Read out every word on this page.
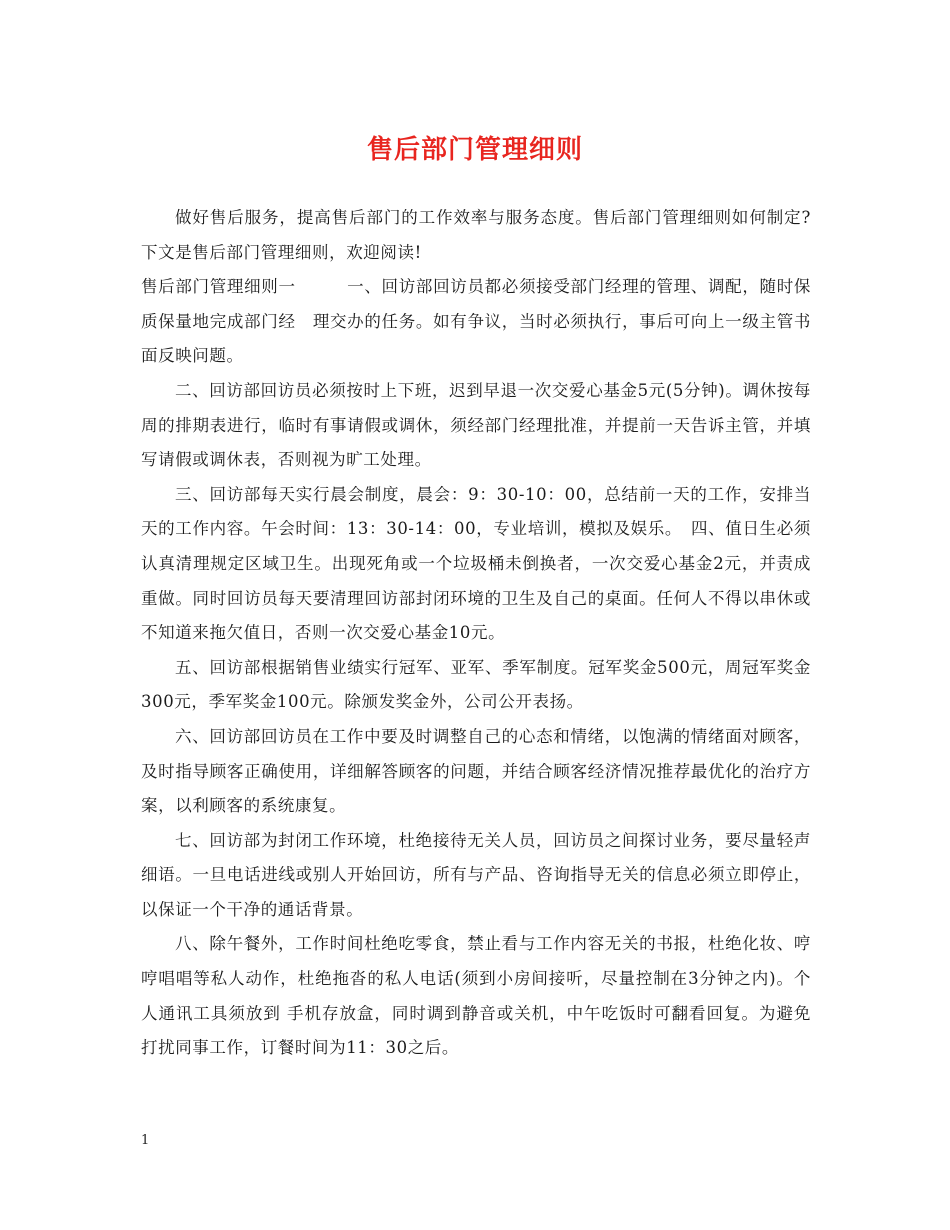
售后部门管理细则

做好售后服务，提高售后部门的工作效率与服务态度。售后部门管理细则如何制定?下文是售后部门管理细则，欢迎阅读!

售后部门管理细则一　　　一、回访部回访员都必须接受部门经理的管理、调配，随时保质保量地完成部门经　理交办的任务。如有争议，当时必须执行，事后可向上一级主管书面反映问题。

二、回访部回访员必须按时上下班，迟到早退一次交爱心基金5元(5分钟)。调休按每周的排期表进行，临时有事请假或调休，须经部门经理批准，并提前一天告诉主管，并填写请假或调休表，否则视为旷工处理。

三、回访部每天实行晨会制度，晨会：9：30-10：00，总结前一天的工作，安排当天的工作内容。午会时间：13：30-14：00，专业培训，模拟及娱乐。　四、值日生必须认真清理规定区域卫生。出现死角或一个垃圾桶未倒换者，一次交爱心基金2元，并责成重做。同时回访员每天要清理回访部封闭环境的卫生及自己的桌面。任何人不得以串休或不知道来拖欠值日，否则一次交爱心基金10元。

五、回访部根据销售业绩实行冠军、亚军、季军制度。冠军奖金500元，周冠军奖金300元，季军奖金100元。除颁发奖金外，公司公开表扬。

六、回访部回访员在工作中要及时调整自己的心态和情绪，以饱满的情绪面对顾客，及时指导顾客正确使用，详细解答顾客的问题，并结合顾客经济情况推荐最优化的治疗方案，以利顾客的系统康复。

七、回访部为封闭工作环境，杜绝接待无关人员，回访员之间探讨业务，要尽量轻声细语。一旦电话进线或别人开始回访，所有与产品、咨询指导无关的信息必须立即停止，以保证一个干净的通话背景。

八、除午餐外，工作时间杜绝吃零食，禁止看与工作内容无关的书报，杜绝化妆、哼哼唱唱等私人动作，杜绝拖沓的私人电话(须到小房间接听，尽量控制在3分钟之内)。个人通讯工具须放到 手机存放盒，同时调到静音或关机，中午吃饭时可翻看回复。为避免打扰同事工作，订餐时间为11：30之后。

1
